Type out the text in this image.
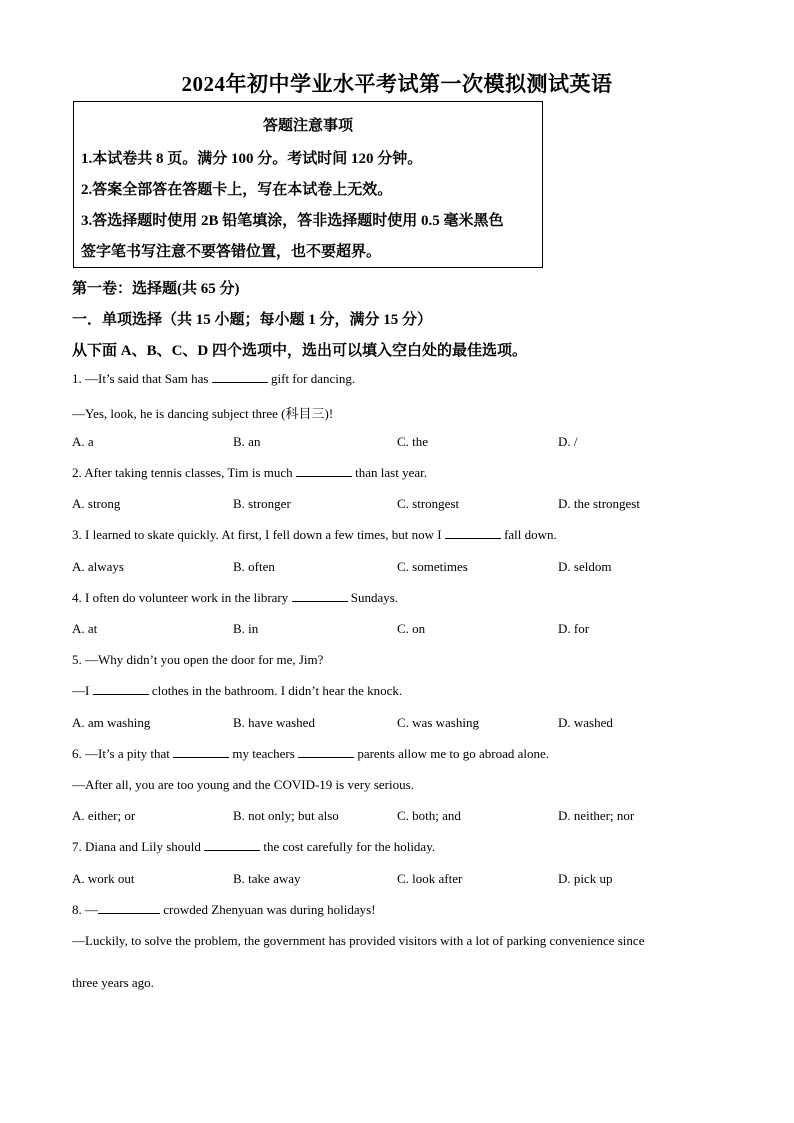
2024年初中学业水平考试第一次模拟测试英语
答题注意事项
1.本试卷共 8 页。满分 100 分。考试时间 120 分钟。
2.答案全部答在答题卡上，写在本试卷上无效。
3.答选择题时使用 2B 铅笔填涂，答非选择题时使用 0.5 毫米黑色
签字笔书写注意不要答错位置，也不要超界。
第一卷：选择题(共 65 分)
一．单项选择（共 15 小题；每小题 1 分，满分 15 分）
从下面 A、B、C、D 四个选项中，选出可以填入空白处的最佳选项。
1. —It’s said that Sam has	gift for dancing.
—Yes, look, he is dancing subject three (科目三)!
A. a	B. an	C. the	D. /
2. After taking tennis classes, Tim is much	than last year.
A. strong	B. stronger	C. strongest	D. the strongest
3. I learned to skate quickly. At first, I fell down a few times, but now I	fall down.
A. always	B. often	C. sometimes	D. seldom
4. I often do volunteer work in the library	Sundays.
A. at	B. in	C. on	D. for
5. —Why didn’t you open the door for me, Jim?
—I	clothes in the bathroom. I didn’t hear the knock.
A. am washing	B. have washed	C. was washing	D. washed
6. —It’s a pity that	my teachers	parents allow me to go abroad alone.
—After all, you are too young and the COVID-19 is very serious.
A. either; or	B. not only; but also	C. both; and	D. neither; nor
7. Diana and Lily should	the cost carefully for the holiday.
A. work out	B. take away	C. look after	D. pick up
8. —	crowded Zhenyuan was during holidays!
—Luckily, to solve the problem, the government has provided visitors with a lot of parking convenience since
three years ago.
